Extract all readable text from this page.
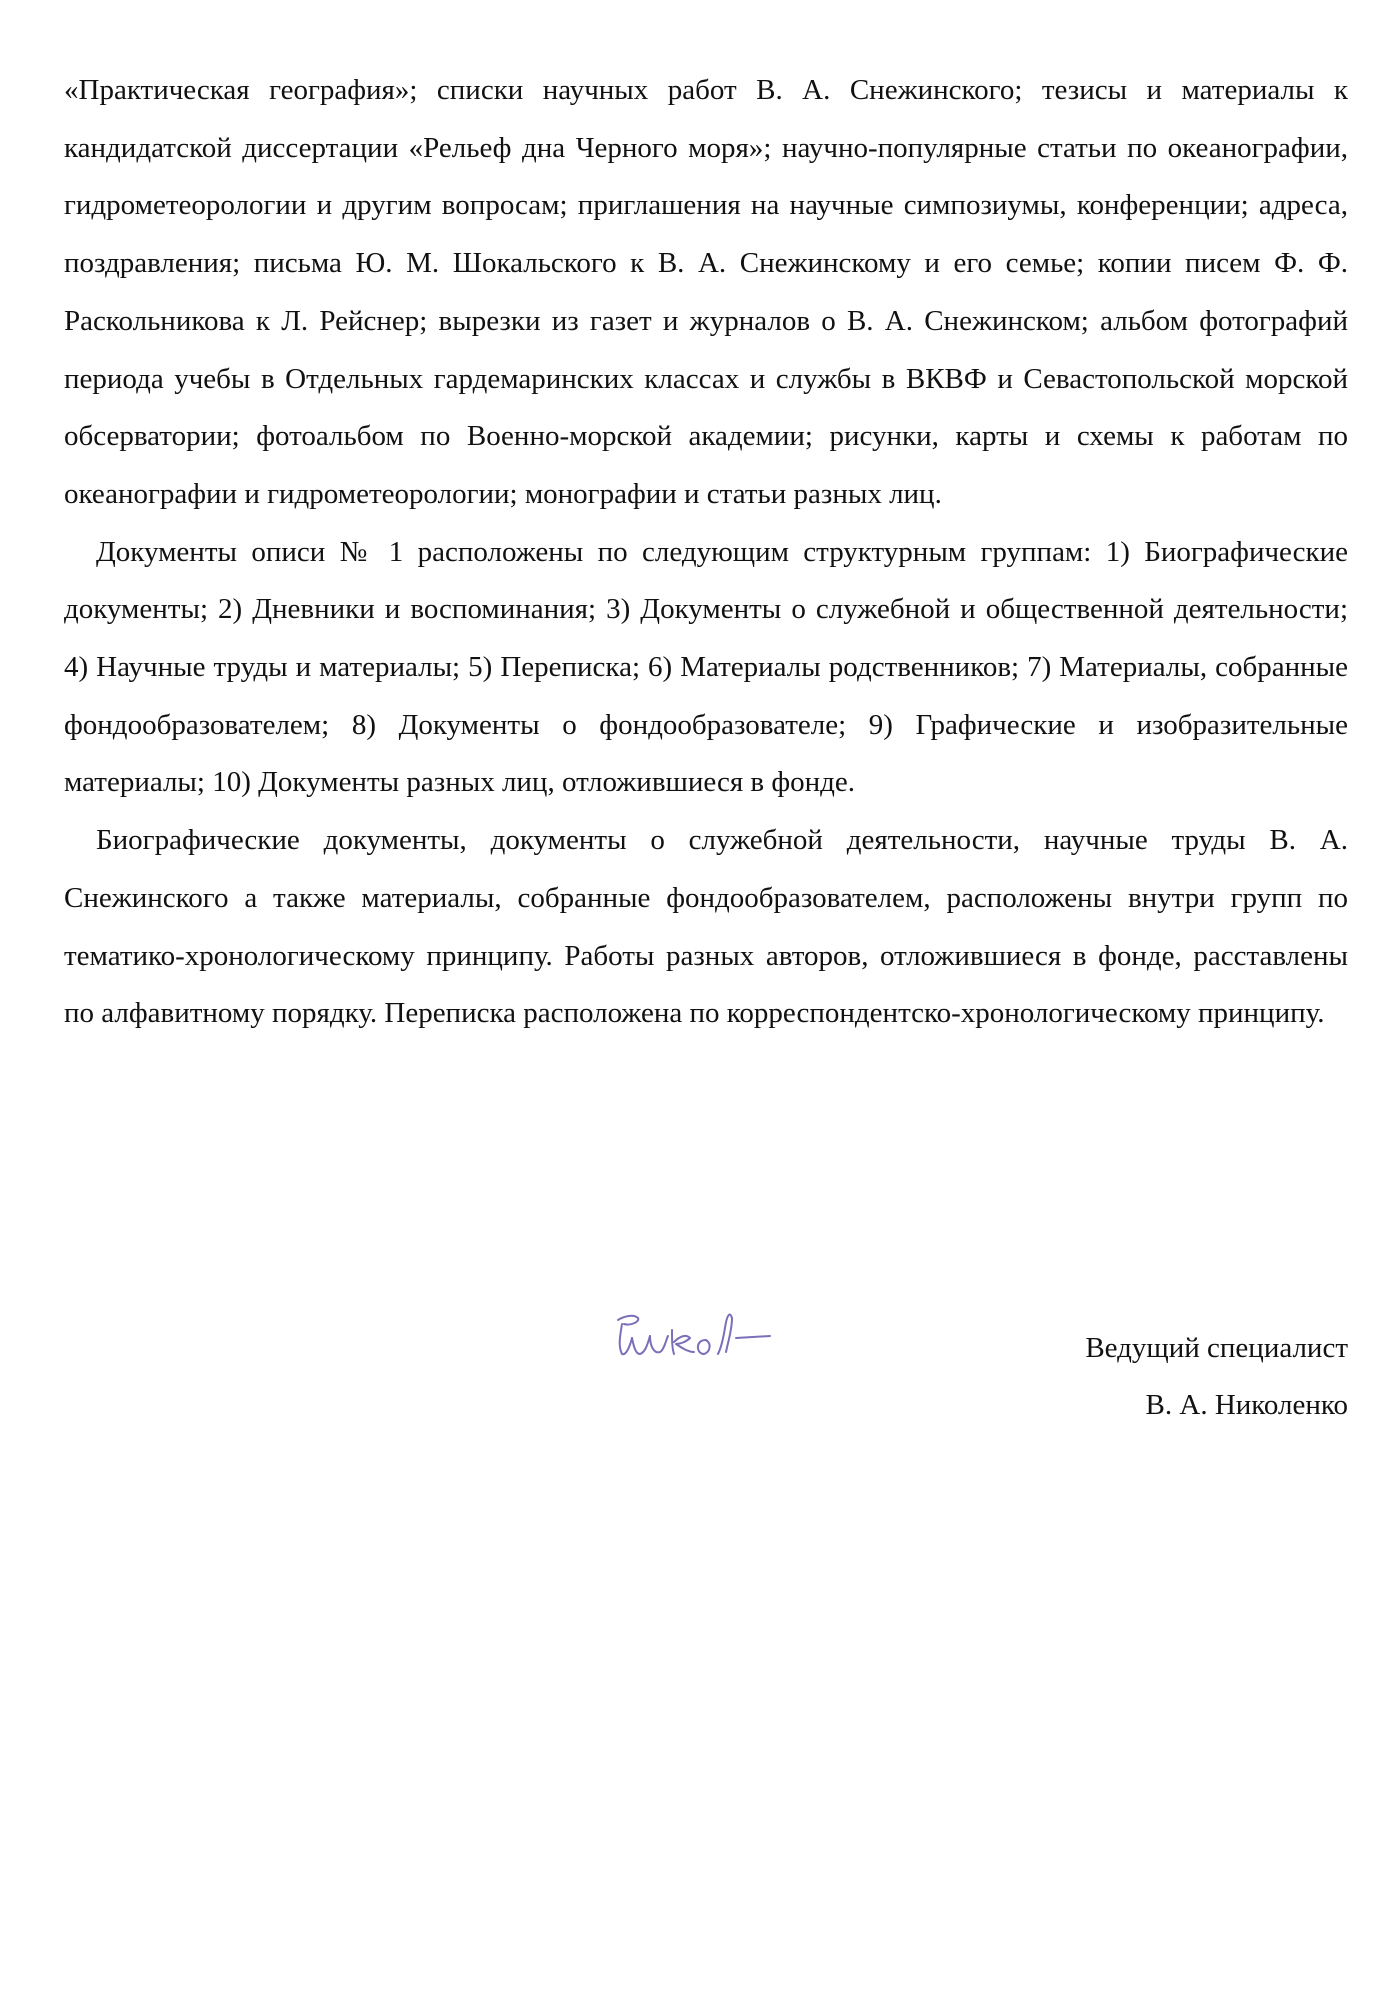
«Практическая география»; списки научных работ В. А. Снежинского; тезисы и материалы к кандидатской диссертации «Рельеф дна Черного моря»; научно-популярные статьи по океанографии, гидрометеорологии и другим вопросам; приглашения на научные симпозиумы, конференции; адреса, поздравления; письма Ю. М. Шокальского к В. А. Снежинскому и его семье; копии писем Ф. Ф. Раскольникова к Л. Рейснер; вырезки из газет и журналов о В. А. Снежинском; альбом фотографий периода учебы в Отдельных гардемаринских классах и службы в ВКВФ и Севастопольской морской обсерватории; фотоальбом по Военно-морской академии; рисунки, карты и схемы к работам по океанографии и гидрометеорологии; монографии и статьи разных лиц.

Документы описи № 1 расположены по следующим структурным группам: 1) Биографические документы; 2) Дневники и воспоминания; 3) Документы о служебной и общественной деятельности; 4) Научные труды и материалы; 5) Переписка; 6) Материалы родственников; 7) Материалы, собранные фондообразователем; 8) Документы о фондообразователе; 9) Графические и изобразительные материалы; 10) Документы разных лиц, отложившиеся в фонде.

Биографические документы, документы о служебной деятельности, научные труды В. А. Снежинского а также материалы, собранные фондообразователем, расположены внутри групп по тематико-хронологическому принципу. Работы разных авторов, отложившиеся в фонде, расставлены по алфавитному порядку. Переписка расположена по корреспондентско-хронологическому принципу.

Ведущий специалист
В. А. Николенко
